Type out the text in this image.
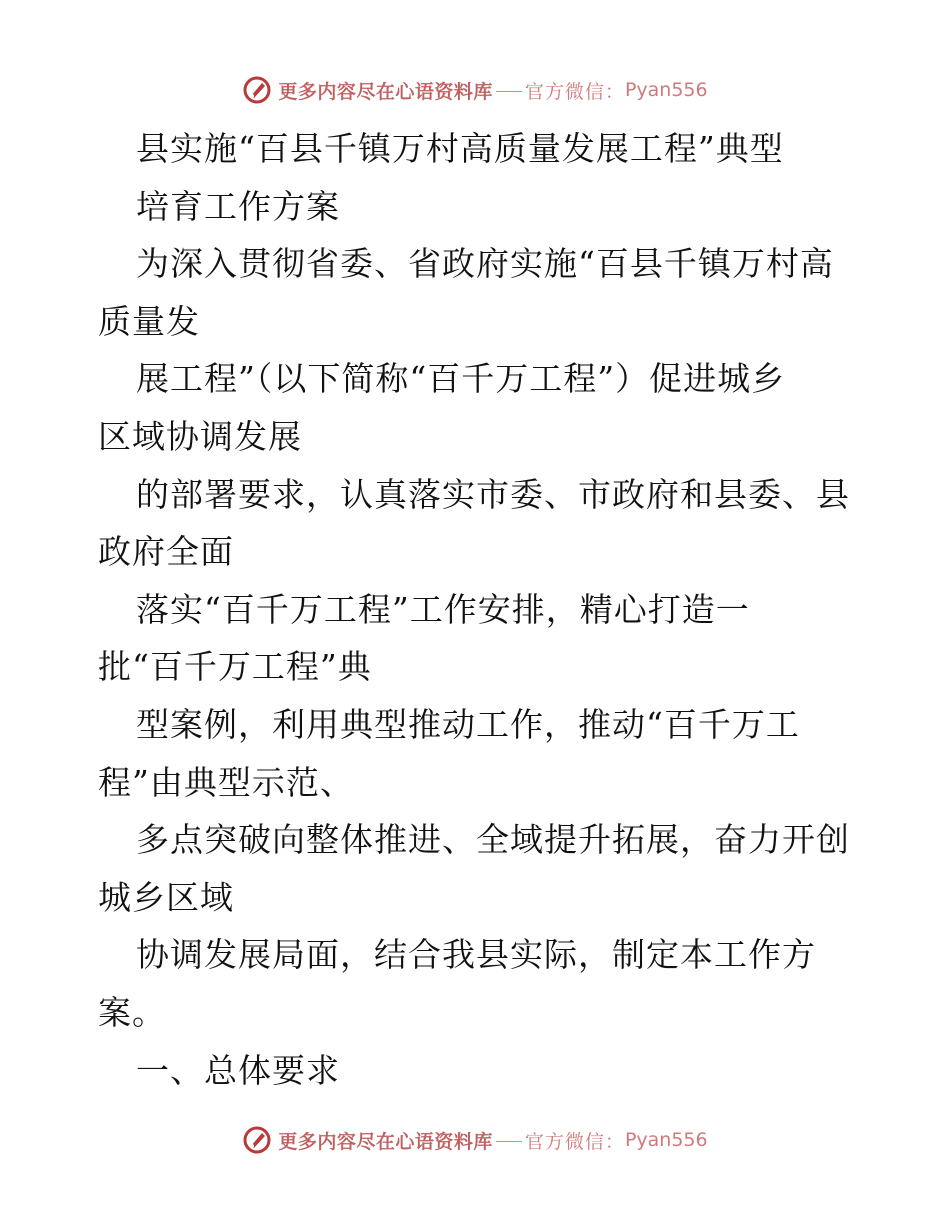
更多内容尽在心语资料库 官方微信： Pyan556
县实施“百县千镇万村高质量发展工程”典型
培育工作方案
为深入贯彻省委、省政府实施“百县千镇万村高
质量发
展工程”（以下简称“百千万工程”）促进城乡
区域协调发展
的部署要求，认真落实市委、市政府和县委、县
政府全面
落实“百千万工程”工作安排，精心打造一
批“百千万工程”典
型案例，利用典型推动工作，推动“百千万工
程”由典型示范、
多点突破向整体推进、全域提升拓展，奋力开创
城乡区域
协调发展局面，结合我县实际，制定本工作方
案。
一、总体要求
更多内容尽在心语资料库 官方微信： Pyan556
